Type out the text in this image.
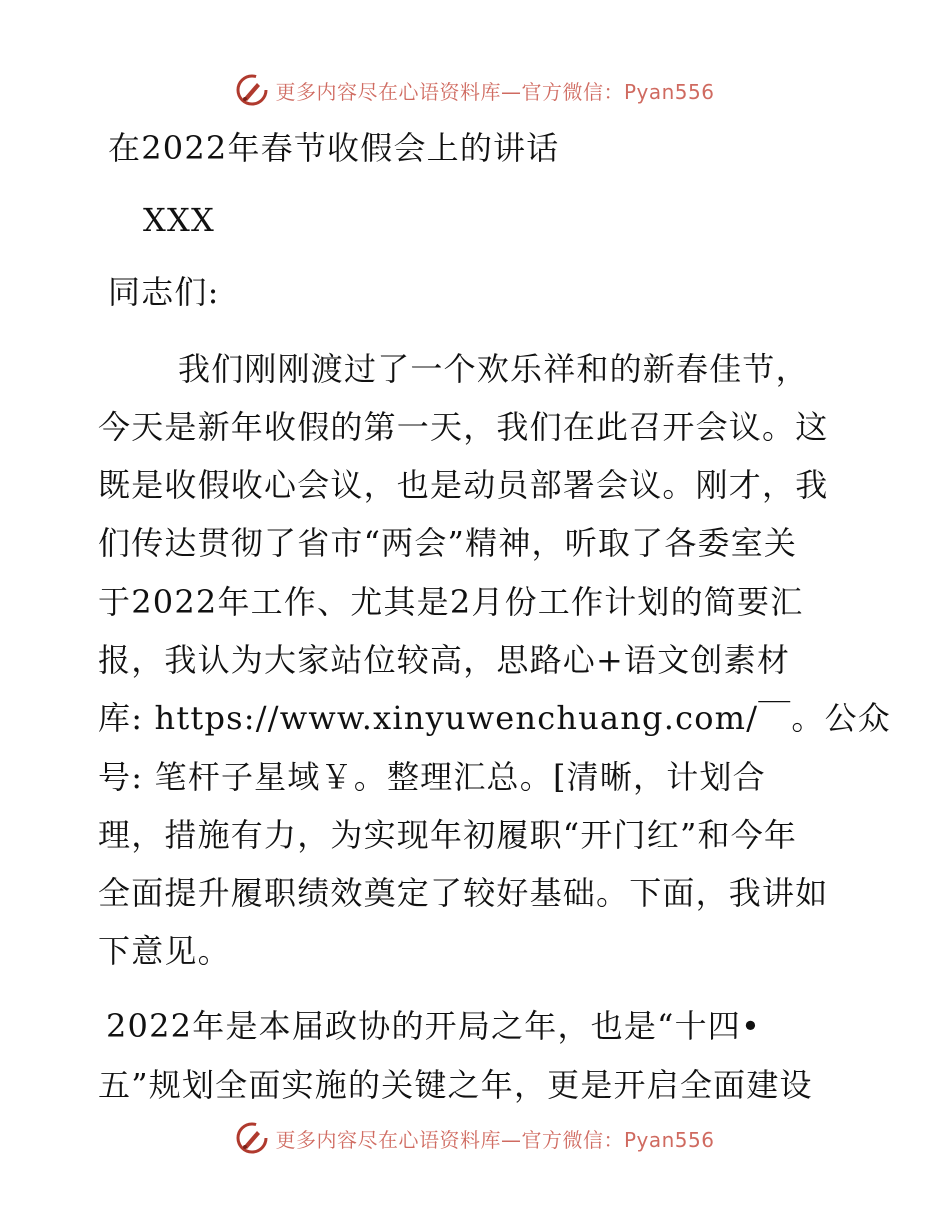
更多内容尽在心语资料库—官方微信：Pyan556
在2022年春节收假会上的讲话
XXX
同志们:
我们刚刚渡过了一个欢乐祥和的新春佳节，
今天是新年收假的第一天，我们在此召开会议。这
既是收假收心会议，也是动员部署会议。刚才，我
们传达贯彻了省市“两会”精神，听取了各委室关
于2022年工作、尤其是2月份工作计划的简要汇
报，我认为大家站位较高，思路心+语文创素材
库: https://www.xinyuwenchuang.com/￣。公众
号: 笔杆子星域￥。整理汇总。[清晰，计划合
理，措施有力，为实现年初履职“开门红”和今年
全面提升履职绩效奠定了较好基础。下面，我讲如
下意见。
2022年是本届政协的开局之年，也是“十四•
五”规划全面实施的关键之年，更是开启全面建设
更多内容尽在心语资料库—官方微信：Pyan556
